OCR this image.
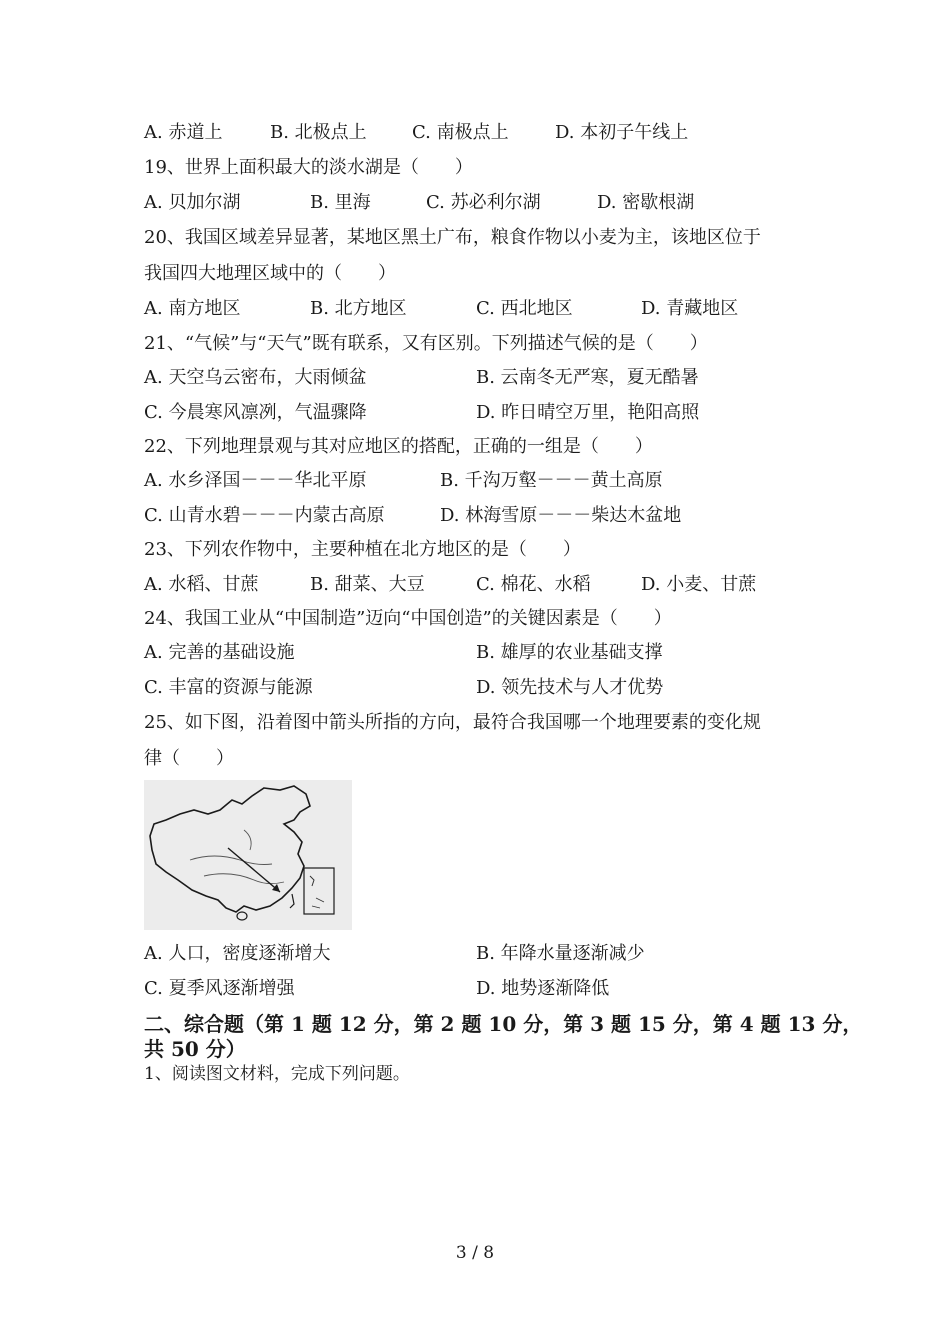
A. 赤道上	B. 北极点上	C. 南极点上	D. 本初子午线上
19、世界上面积最大的淡水湖是（　　）
A. 贝加尔湖	B. 里海	C. 苏必利尔湖	D. 密歇根湖
20、我国区域差异显著，某地区黑土广布，粮食作物以小麦为主，该地区位于
我国四大地理区域中的（　　）
A. 南方地区	B. 北方地区	C. 西北地区	D. 青藏地区
21、“气候”与“天气”既有联系，又有区别。下列描述气候的是（　　）
A. 天空乌云密布，大雨倾盆	B. 云南冬无严寒，夏无酷暑
C. 今晨寒风凛冽，气温骤降	D. 昨日晴空万里，艳阳高照
22、下列地理景观与其对应地区的搭配，正确的一组是（　　）
A. 水乡泽国－－－华北平原	B. 千沟万壑－－－黄土高原
C. 山青水碧－－－内蒙古高原	D. 林海雪原－－－柴达木盆地
23、下列农作物中，主要种植在北方地区的是（　　）
A. 水稻、甘蔗	B. 甜菜、大豆	C. 棉花、水稻	D. 小麦、甘蔗
24、我国工业从“中国制造”迈向“中国创造”的关键因素是（　　）
A. 完善的基础设施	B. 雄厚的农业基础支撑
C. 丰富的资源与能源	D. 领先技术与人才优势
25、如下图，沿着图中箭头所指的方向，最符合我国哪一个地理要素的变化规
律（　　）
A. 人口，密度逐渐增大	B. 年降水量逐渐减少
C. 夏季风逐渐增强	D. 地势逐渐降低
二、综合题（第 1 题 12 分，第 2 题 10 分，第 3 题 15 分，第 4 题 13 分，
共 50 分）
1、阅读图文材料，完成下列问题。
3 / 8
